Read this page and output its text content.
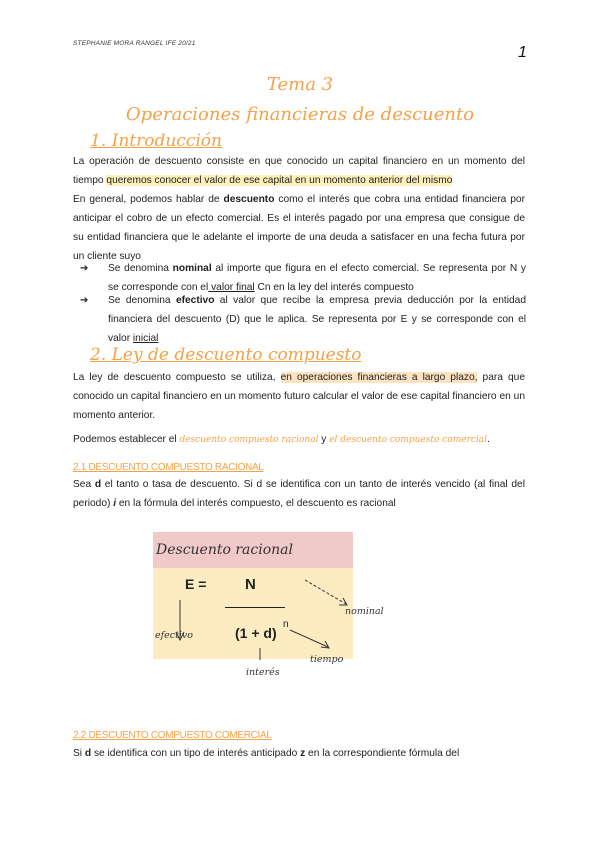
STEPHANIE MORA RANGEL IFE 20/21
1
Tema 3
Operaciones financieras de descuento
1. Introducción

La operación de descuento consiste en que conocido un capital financiero en un momento del tiempo queremos conocer el valor de ese capital en un momento anterior del mismo

En general, podemos hablar de descuento como el interés que cobra una entidad financiera por anticipar el cobro de un efecto comercial. Es el interés pagado por una empresa que consigue de su entidad financiera que le adelante el importe de una deuda a satisfacer en una fecha futura por un cliente suyo

➔	Se denomina nominal al importe que figura en el efecto comercial. Se representa por N y se corresponde con el valor final Cn en la ley del interés compuesto
➔	Se denomina efectivo al valor que recibe la empresa previa deducción por la entidad financiera del descuento (D) que le aplica. Se representa por E y se corresponde con el valor inicial
2. Ley de descuento compuesto

La ley de descuento compuesto se utiliza, en operaciones financieras a largo plazo, para que conocido un capital financiero en un momento futuro calcular el valor de ese capital financiero en un momento anterior.

Podemos establecer el descuento compuesto racional y el descuento compuesto comercial.

2.1 DESCUENTO COMPUESTO RACIONAL

Sea d el tanto o tasa de descuento. Si d se identifica con un tanto de interés vencido (al final del periodo) i en la fórmula del interés compuesto, el descuento es racional

Descuento racional
E =	N
(1 + d)
n
efectivo
nominal
tiempo
interés
2.2 DESCUENTO COMPUESTO COMERCIAL

Si d se identifica con un tipo de interés anticipado z en la correspondiente fórmula del
